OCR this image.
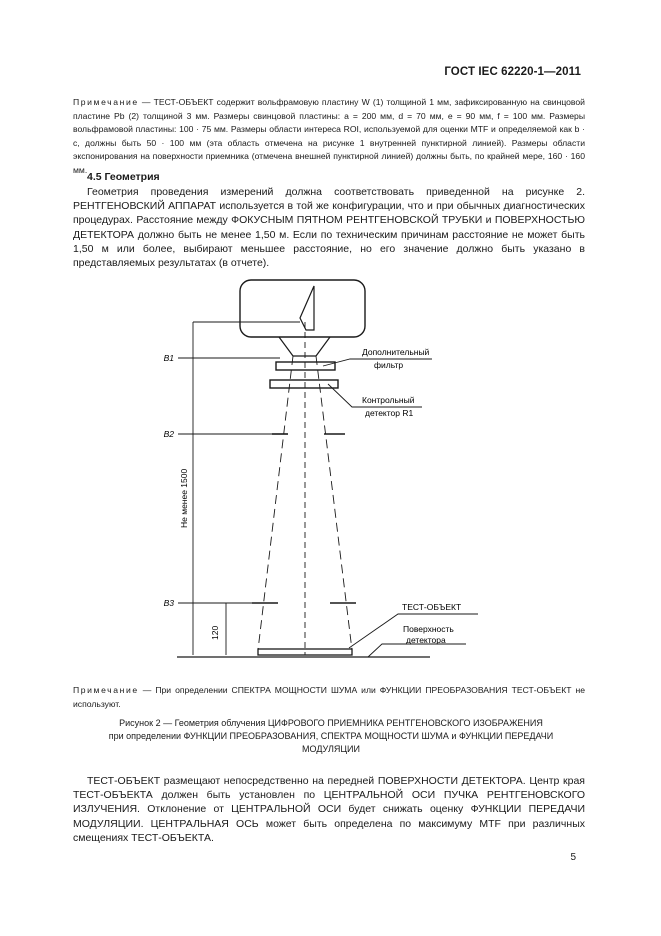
ГОСТ IEC 62220-1—2011
Примечание — ТЕСТ-ОБЪЕКТ содержит вольфрамовую пластину W (1) толщиной 1 мм, зафиксированную на свинцовой пластине Pb (2) толщиной 3 мм. Размеры свинцовой пластины: a = 200 мм, d = 70 мм, e = 90 мм, f = 100 мм. Размеры вольфрамовой пластины: 100 · 75 мм. Размеры области интереса ROI, используемой для оценки MTF и определяемой как b · c, должны быть 50 · 100 мм (эта область отмечена на рисунке 1 внутренней пунктирной линией). Размеры области экспонирования на поверхности приемника (отмечена внешней пунктирной линией) должны быть, по крайней мере, 160 · 160 мм.
4.5 Геометрия

Геометрия проведения измерений должна соответствовать приведенной на рисунке 2. РЕНТГЕНОВСКИЙ АППАРАТ используется в той же конфигурации, что и при обычных диагностических процедурах. Расстояние между ФОКУСНЫМ ПЯТНОМ РЕНТГЕНОВСКОЙ ТРУБКИ и ПОВЕРХНОСТЬЮ ДЕТЕКТОРА должно быть не менее 1,50 м. Если по техническим причинам расстояние не может быть 1,50 м или более, выбирают меньшее расстояние, но его значение должно быть указано в представляемых результатах (в отчете).

B1
B2
B3
120
Не менее 1500
Дополнительный
фильтр
Контрольный
детектор R1
ТЕСТ-ОБЪЕКТ
Поверхность
детектора
Примечание — При определении СПЕКТРА МОЩНОСТИ ШУМА или ФУНКЦИИ ПРЕОБРАЗОВАНИЯ ТЕСТ-ОБЪЕКТ не используют.
Рисунок 2 — Геометрия облучения ЦИФРОВОГО ПРИЕМНИКА РЕНТГЕНОВСКОГО ИЗОБРАЖЕНИЯ
при определении ФУНКЦИИ ПРЕОБРАЗОВАНИЯ, СПЕКТРА МОЩНОСТИ ШУМА и ФУНКЦИИ ПЕРЕДАЧИ
МОДУЛЯЦИИ

ТЕСТ-ОБЪЕКТ размещают непосредственно на передней ПОВЕРХНОСТИ ДЕТЕКТОРА. Центр края ТЕСТ-ОБЪЕКТА должен быть установлен по ЦЕНТРАЛЬНОЙ ОСИ ПУЧКА РЕНТГЕНОВСКОГО ИЗЛУЧЕНИЯ. Отклонение от ЦЕНТРАЛЬНОЙ ОСИ будет снижать оценку ФУНКЦИИ ПЕРЕДАЧИ МОДУЛЯЦИИ. ЦЕНТРАЛЬНАЯ ОСЬ может быть определена по максимуму MTF при различных смещениях ТЕСТ-ОБЪЕКТА.

5
